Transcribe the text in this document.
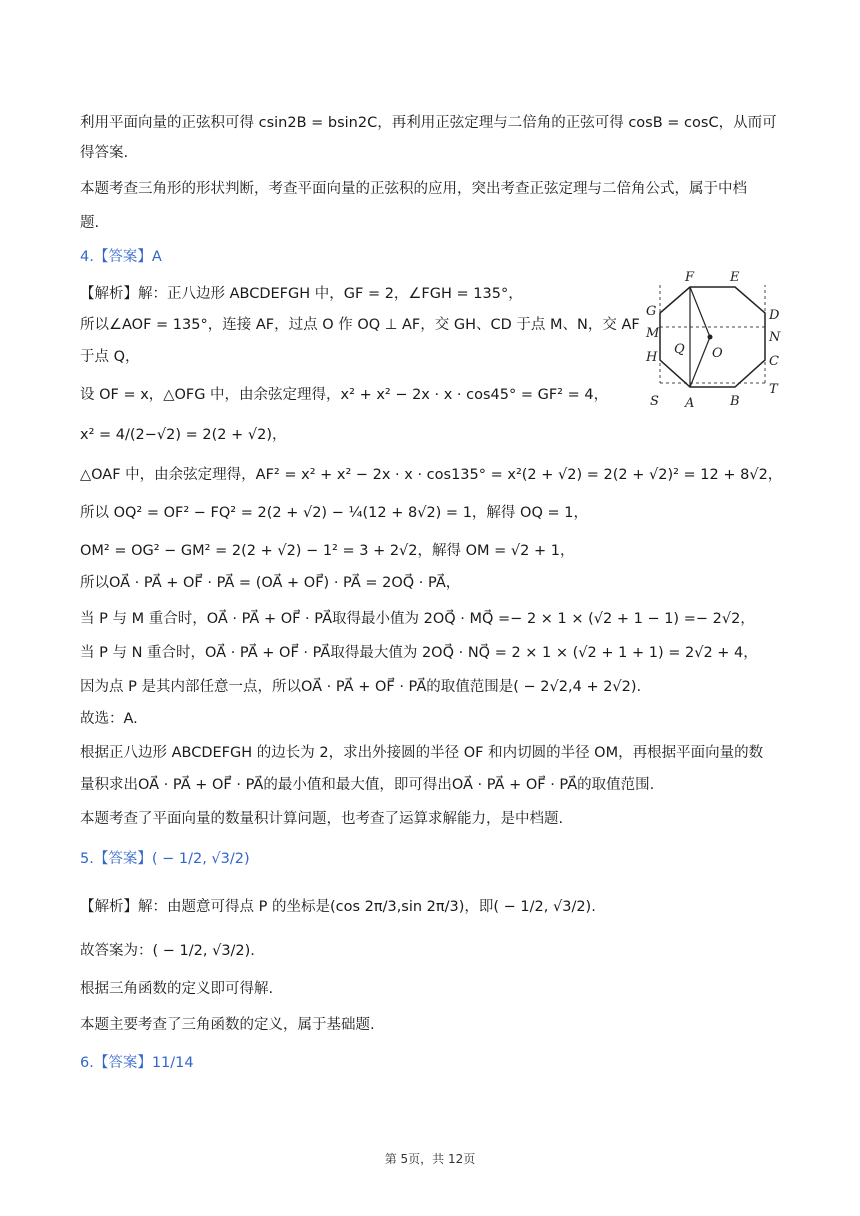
利用平面向量的正弦积可得 csin2B = bsin2C，再利用正弦定理与二倍角的正弦可得 cosB = cosC，从而可
得答案.
本题考查三角形的形状判断，考查平面向量的正弦积的应用，突出考查正弦定理与二倍角公式，属于中档
题.
4.【答案】A
【解析】解：正八边形 ABCDEFGH 中，GF = 2，∠FGH = 135°，
所以∠AOF = 135°，连接 AF，过点 O 作 OQ ⊥ AF，交 GH、CD 于点 M、N，交 AF
于点 Q，
设 OF = x，△OFG 中，由余弦定理得，x² + x² − 2x · x · cos45° = GF² = 4，
x² = 4/(2−√2) = 2(2 + √2)，
△OAF 中，由余弦定理得，AF² = x² + x² − 2x · x · cos135° = x²(2 + √2) = 2(2 + √2)² = 12 + 8√2，
所以 OQ² = OF² − FQ² = 2(2 + √2) − ¼(12 + 8√2) = 1，解得 OQ = 1，
OM² = OG² − GM² = 2(2 + √2) − 1² = 3 + 2√2，解得 OM = √2 + 1，
所以OA⃗ · PA⃗ + OF⃗ · PA⃗ = (OA⃗ + OF⃗) · PA⃗ = 2OQ⃗ · PA⃗，
当 P 与 M 重合时，OA⃗ · PA⃗ + OF⃗ · PA⃗取得最小值为 2OQ⃗ · MQ⃗ =− 2 × 1 × (√2 + 1 − 1) =− 2√2，
当 P 与 N 重合时，OA⃗ · PA⃗ + OF⃗ · PA⃗取得最大值为 2OQ⃗ · NQ⃗ = 2 × 1 × (√2 + 1 + 1) = 2√2 + 4，
因为点 P 是其内部任意一点，所以OA⃗ · PA⃗ + OF⃗ · PA⃗的取值范围是( − 2√2,4 + 2√2).
故选：A.
根据正八边形 ABCDEFGH 的边长为 2，求出外接圆的半径 OF 和内切圆的半径 OM，再根据平面向量的数
量积求出OA⃗ · PA⃗ + OF⃗ · PA⃗的最小值和最大值，即可得出OA⃗ · PA⃗ + OF⃗ · PA⃗的取值范围.
本题考查了平面向量的数量积计算问题，也考查了运算求解能力，是中档题.
5.【答案】( − 1/2, √3/2)
【解析】解：由题意可得点 P 的坐标是(cos 2π/3,sin 2π/3)，即( − 1/2, √3/2).
故答案为：( − 1/2, √3/2).
根据三角函数的定义即可得解.
本题主要考查了三角函数的定义，属于基础题.
6.【答案】11/14
F	E
G	D
M	N
Q O
H	C
S A	B
T
第 5页，共 12页
